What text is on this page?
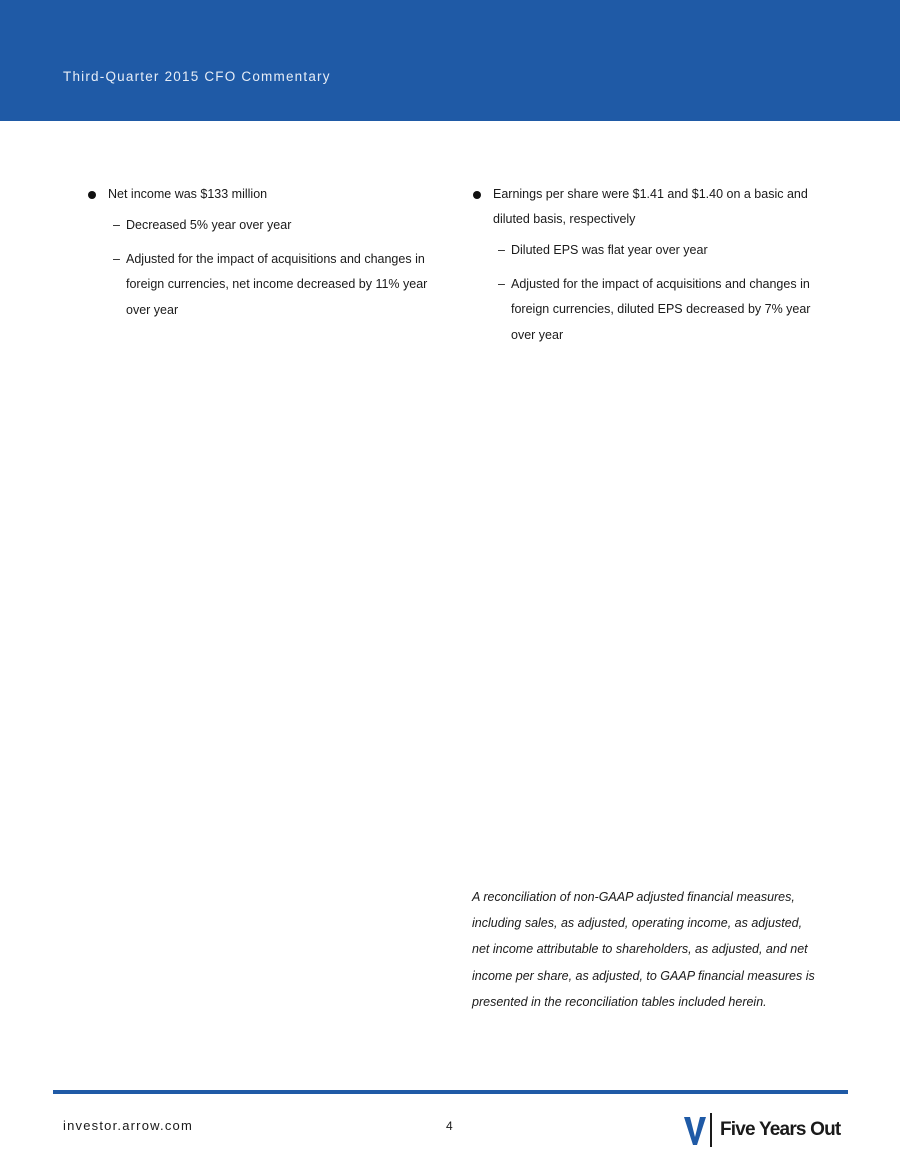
Third-Quarter 2015 CFO Commentary
Net income was $133 million
– Decreased 5% year over year
– Adjusted for the impact of acquisitions and changes in foreign currencies, net income decreased by 11% year over year
Earnings per share were $1.41 and $1.40 on a basic and diluted basis, respectively
– Diluted EPS was flat year over year
– Adjusted for the impact of acquisitions and changes in foreign currencies, diluted EPS decreased by 7% year over year
A reconciliation of non-GAAP adjusted financial measures, including sales, as adjusted, operating income, as adjusted, net income attributable to shareholders, as adjusted, and net income per share, as adjusted, to GAAP financial measures is presented in the reconciliation tables included herein.
investor.arrow.com	4	Five Years Out
